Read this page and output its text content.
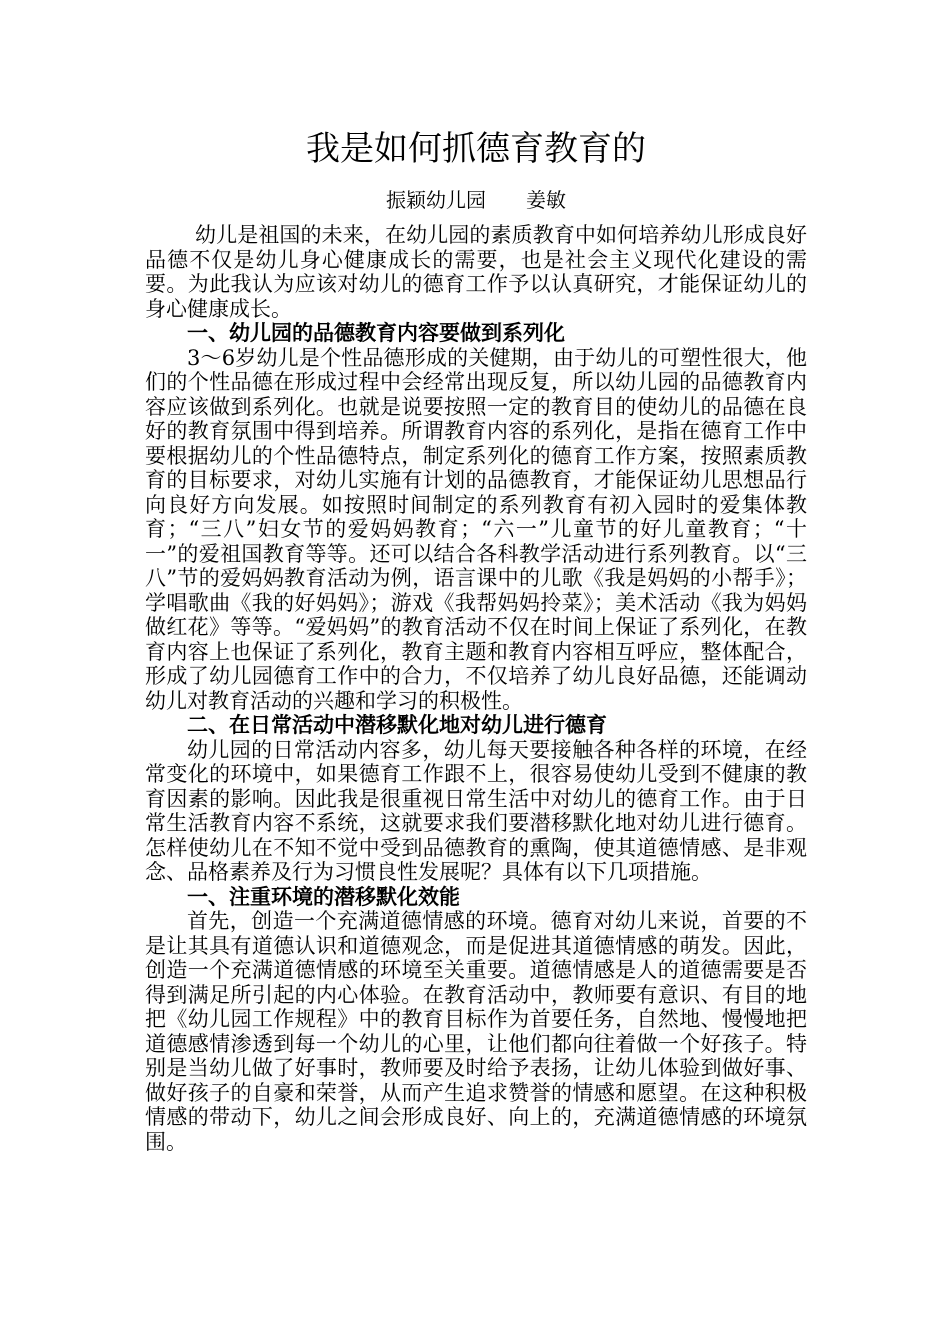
我是如何抓德育教育的
振颖幼儿园 姜敏

幼儿是祖国的未来，在幼儿园的素质教育中如何培养幼儿形成良好品德不仅是幼儿身心健康成长的需要，也是社会主义现代化建设的需要。为此我认为应该对幼儿的德育工作予以认真研究，才能保证幼儿的身心健康成长。

一、幼儿园的品德教育内容要做到系列化

3～6岁幼儿是个性品德形成的关健期，由于幼儿的可塑性很大，他们的个性品德在形成过程中会经常出现反复，所以幼儿园的品德教育内容应该做到系列化。也就是说要按照一定的教育目的使幼儿的品德在良好的教育氛围中得到培养。所谓教育内容的系列化，是指在德育工作中要根据幼儿的个性品德特点，制定系列化的德育工作方案，按照素质教育的目标要求，对幼儿实施有计划的品德教育，才能保证幼儿思想品行向良好方向发展。如按照时间制定的系列教育有初入园时的爱集体教育；“三八”妇女节的爱妈妈教育；“六一”儿童节的好儿童教育；“十一”的爱祖国教育等等。还可以结合各科教学活动进行系列教育。以“三八”节的爱妈妈教育活动为例，语言课中的儿歌《我是妈妈的小帮手》；学唱歌曲《我的好妈妈》；游戏《我帮妈妈拎菜》；美术活动《我为妈妈做红花》等等。“爱妈妈”的教育活动不仅在时间上保证了系列化，在教育内容上也保证了系列化，教育主题和教育内容相互呼应，整体配合，形成了幼儿园德育工作中的合力，不仅培养了幼儿良好品德，还能调动幼儿对教育活动的兴趣和学习的积极性。

二、在日常活动中潜移默化地对幼儿进行德育

幼儿园的日常活动内容多，幼儿每天要接触各种各样的环境，在经常变化的环境中，如果德育工作跟不上，很容易使幼儿受到不健康的教育因素的影响。因此我是很重视日常生活中对幼儿的德育工作。由于日常生活教育内容不系统，这就要求我们要潜移默化地对幼儿进行德育。怎样使幼儿在不知不觉中受到品德教育的熏陶，使其道德情感、是非观念、品格素养及行为习惯良性发展呢？具体有以下几项措施。

一、注重环境的潜移默化效能

首先，创造一个充满道德情感的环境。德育对幼儿来说，首要的不是让其具有道德认识和道德观念，而是促进其道德情感的萌发。因此，创造一个充满道德情感的环境至关重要。道德情感是人的道德需要是否得到满足所引起的内心体验。在教育活动中，教师要有意识、有目的地把《幼儿园工作规程》中的教育目标作为首要任务，自然地、慢慢地把道德感情渗透到每一个幼儿的心里，让他们都向往着做一个好孩子。特别是当幼儿做了好事时，教师要及时给予表扬，让幼儿体验到做好事、做好孩子的自豪和荣誉，从而产生追求赞誉的情感和愿望。在这种积极情感的带动下，幼儿之间会形成良好、向上的，充满道德情感的环境氛围。
